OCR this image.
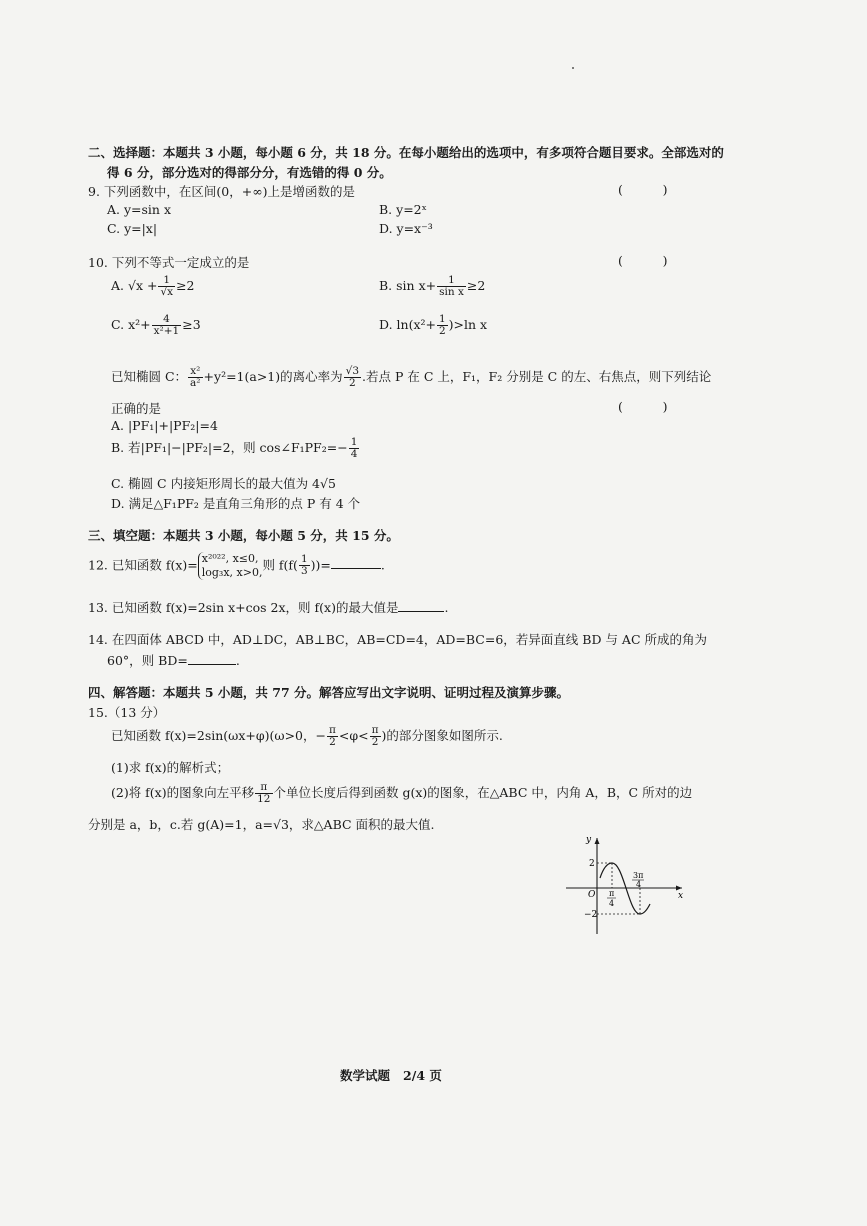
二、选择题：本题共 3 小题，每小题 6 分，共 18 分。在每小题给出的选项中，有多项符合题目要求。全部选对的
得 6 分，部分选对的得部分分，有选错的得 0 分。
9. 下列函数中，在区间(0，+∞)上是增函数的是	(          )
A. y=sin x	B. y=2ˣ
C. y=|x|	D. y=x⁻³
10. 下列不等式一定成立的是	(          )
A. $√x + \frac{1}{√x} \ge 2$	B. $\sin x+ \frac{1}{\text{sin x}} \ge 2$
C. $x^2+ \frac{4}{\text{x²+1}} \ge 3$	D. $\ln(x^2+ \frac{1}{2} )>\ln$ x
已知椭圆 C： $\frac{\text{x²}}{\text{a²}} +y^2=1(a>1)$的离心率为 $\frac{√3}{2}$ .若点 P 在 C 上，F₁，F₂ 分别是 C 的左、右焦点，则下列结论
正确的是	(          )
A. |PF₁|+|PF₂|=4
B. 若|PF₁|−|PF₂|=2，则 cos∠F₁PF₂=− $\frac{1}{4}$
C. 椭圆 C 内接矩形周长的最大值为 4√5
D. 满足△F₁PF₂ 是直角三角形的点 P 有 4 个
三、填空题：本题共 3 小题，每小题 5 分，共 15 分。
12. 已知函数 f(x)= x²⁰²², x≤0,
log₃x, x>0, 则 $f(f( \frac{1}{3}$ ))=	.
13. 已知函数 f(x)=2sin x+cos 2x，则 f(x)的最大值是	.
14. 在四面体 ABCD 中，AD⊥DC，AB⊥BC，AB=CD=4，AD=BC=6，若异面直线 BD 与 AC 所成的角为
60°，则 BD=	.
四、解答题：本题共 5 小题，共 77 分。解答应写出文字说明、证明过程及演算步骤。
15.（13 分）
已知函数 f(x)=2sin(ωx+φ)(ω>0，− $\frac{\pi}{2} <\varphi< \frac{\pi}{2}$ )的部分图象如图所示.
(1)求 f(x)的解析式；
(2)将 f(x)的图象向左平移 $\frac{\pi}{12}$ 个单位长度后得到函数 g(x)的图象，在△ABC 中，内角 A，B，C 所对的边
分别是 a，b，c.若 g(A)=1，a=√3，求△ABC 面积的最大值.
y
x
O
2
−2
π
4
3π
4
数学试题   2/4 页
